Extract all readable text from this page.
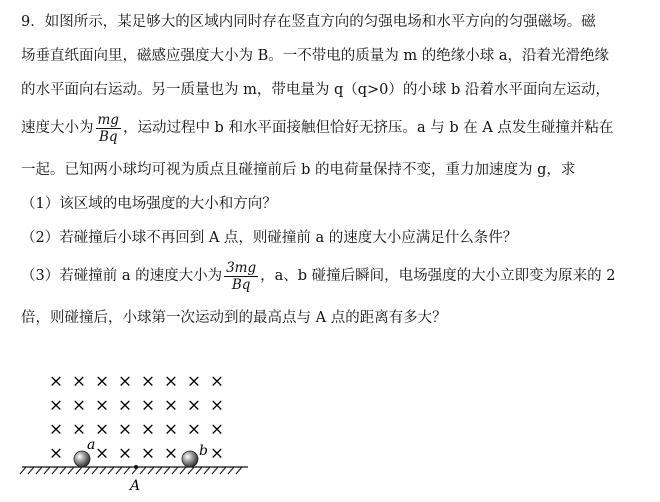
9．如图所示，某足够大的区域内同时存在竖直方向的匀强电场和水平方向的匀强磁场。磁
场垂直纸面向里，磁感应强度大小为 B。一不带电的质量为 m 的绝缘小球 a，沿着光滑绝缘
的水平面向右运动。另一质量也为 m，带电量为 q（q>0）的小球 b 沿着水平面向左运动，
速度大小为 $\frac{mg}{Bq}$ ，运动过程中 b 和水平面接触但恰好无挤压。a 与 b 在 A 点发生碰撞并粘在
一起。已知两小球均可视为质点且碰撞前后 b 的电荷量保持不变，重力加速度为 g，求
（1）该区域的电场强度的大小和方向？
（2）若碰撞后小球不再回到 A 点，则碰撞前 a 的速度大小应满足什么条件？
（3）若碰撞前 a 的速度大小为 $\frac{3mg}{Bq}$ ，a、b 碰撞后瞬间，电场强度的大小立即变为原来的 2
倍，则碰撞后，小球第一次运动到的最高点与 A 点的距离有多大？
× × × × × × × ×
× × × × × × × ×
× × × × × × × ×
× × × × × ×
a	b
A
